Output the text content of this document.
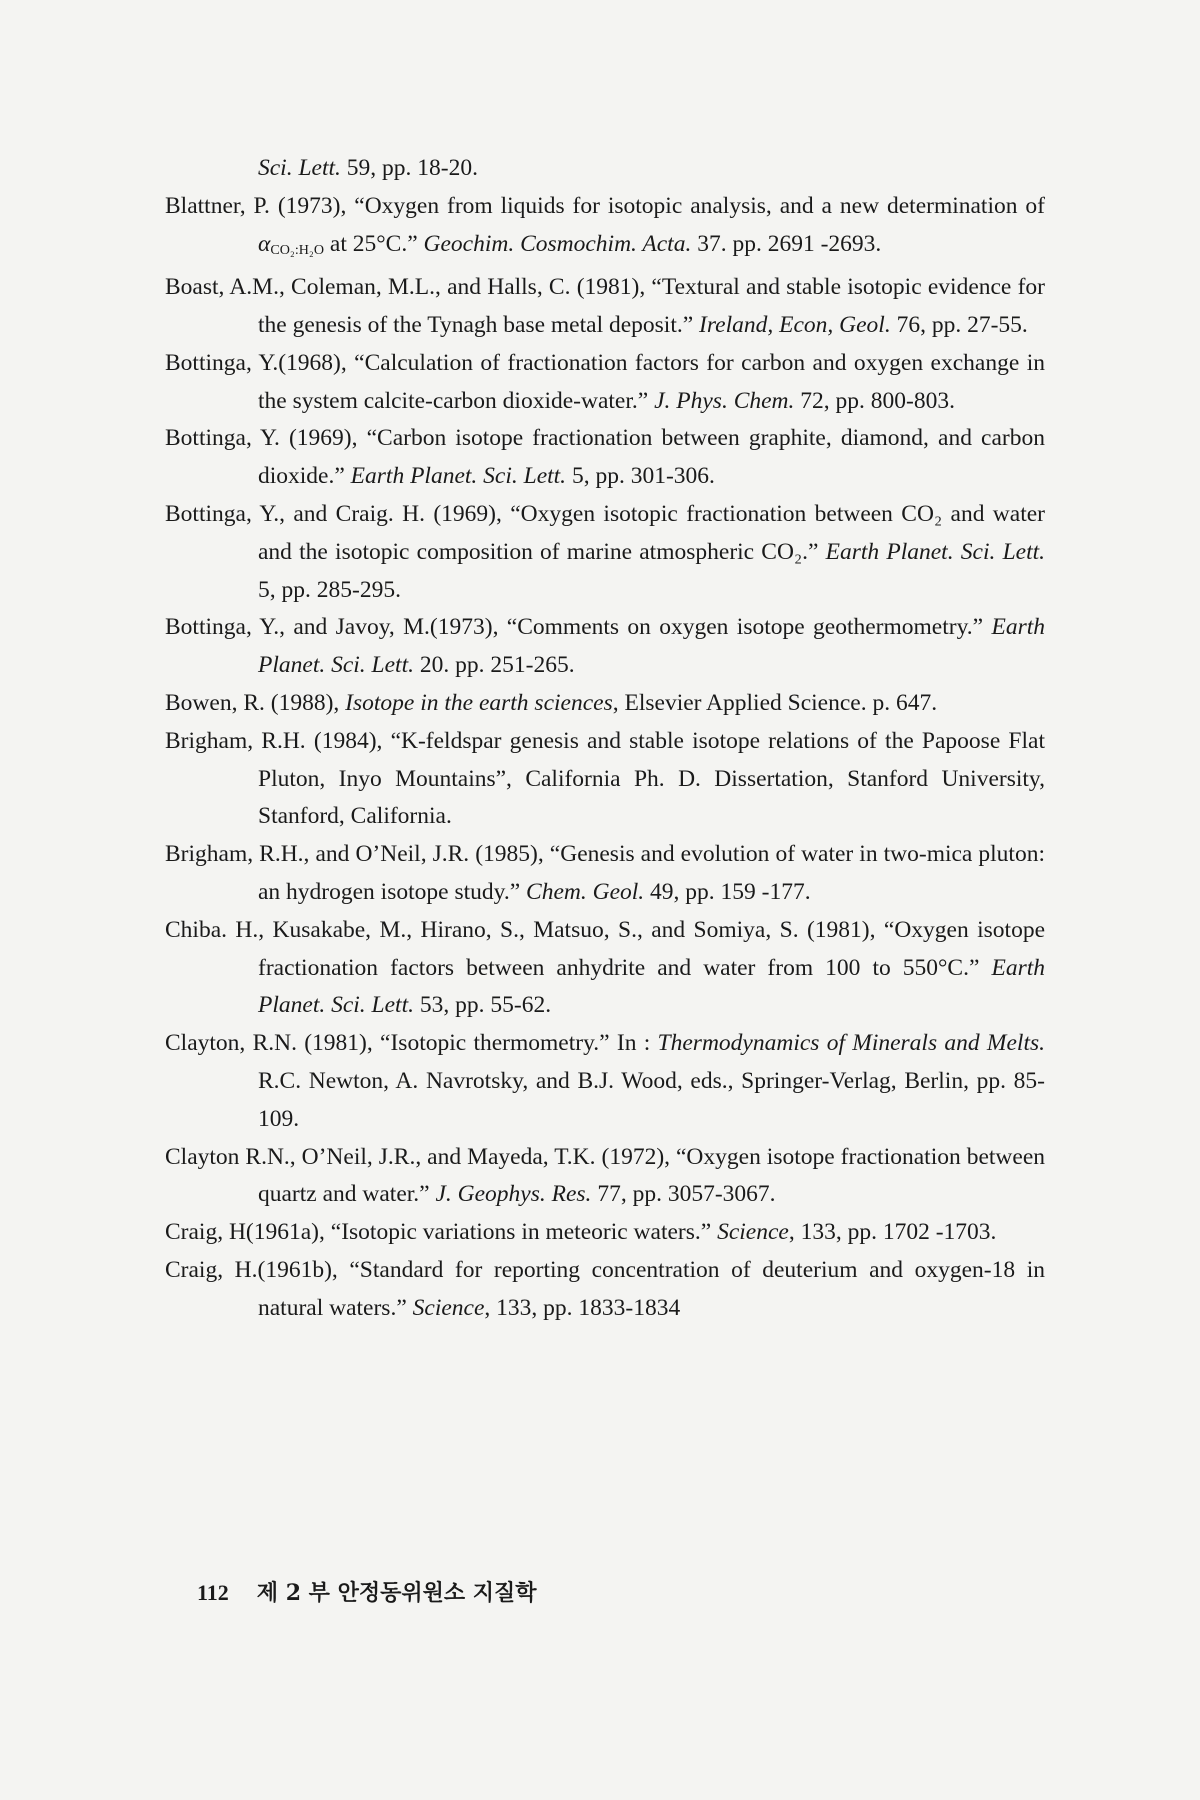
Sci. Lett. 59, pp. 18-20.

Blattner, P. (1973), “Oxygen from liquids for isotopic analysis, and a new determination of αCO₂:H₂O at 25°C.” Geochim. Cosmochim. Acta. 37. pp. 2691 -2693.

Boast, A.M., Coleman, M.L., and Halls, C. (1981), “Textural and stable isotopic evidence for the genesis of the Tynagh base metal deposit.” Ireland, Econ, Geol. 76, pp. 27-55.

Bottinga, Y.(1968), “Calculation of fractionation factors for carbon and oxygen exchange in the system calcite-carbon dioxide-water.” J. Phys. Chem. 72, pp. 800-803.

Bottinga, Y. (1969), “Carbon isotope fractionation between graphite, diamond, and carbon dioxide.” Earth Planet. Sci. Lett. 5, pp. 301-306.

Bottinga, Y., and Craig. H. (1969), “Oxygen isotopic fractionation between CO₂ and water and the isotopic composition of marine atmospheric CO₂.” Earth Planet. Sci. Lett. 5, pp. 285-295.

Bottinga, Y., and Javoy, M.(1973), “Comments on oxygen isotope geothermometry.” Earth Planet. Sci. Lett. 20. pp. 251-265.

Bowen, R. (1988), Isotope in the earth sciences, Elsevier Applied Science. p. 647.

Brigham, R.H. (1984), “K-feldspar genesis and stable isotope relations of the Papoose Flat Pluton, Inyo Mountains”, California Ph. D. Dissertation, Stanford University, Stanford, California.

Brigham, R.H., and O’Neil, J.R. (1985), “Genesis and evolution of water in two-mica pluton: an hydrogen isotope study.” Chem. Geol. 49, pp. 159 -177.

Chiba. H., Kusakabe, M., Hirano, S., Matsuo, S., and Somiya, S. (1981), “Oxygen isotope fractionation factors between anhydrite and water from 100 to 550°C.” Earth Planet. Sci. Lett. 53, pp. 55-62.

Clayton, R.N. (1981), “Isotopic thermometry.” In : Thermodynamics of Minerals and Melts. R.C. Newton, A. Navrotsky, and B.J. Wood, eds., Springer-Verlag, Berlin, pp. 85-109.

Clayton R.N., O’Neil, J.R., and Mayeda, T.K. (1972), “Oxygen isotope fractionation between quartz and water.” J. Geophys. Res. 77, pp. 3057-3067.

Craig, H(1961a), “Isotopic variations in meteoric waters.” Science, 133, pp. 1702 -1703.

Craig, H.(1961b), “Standard for reporting concentration of deuterium and oxygen-18 in natural waters.” Science, 133, pp. 1833-1834

112 제 2 부 안정동위원소 지질학
